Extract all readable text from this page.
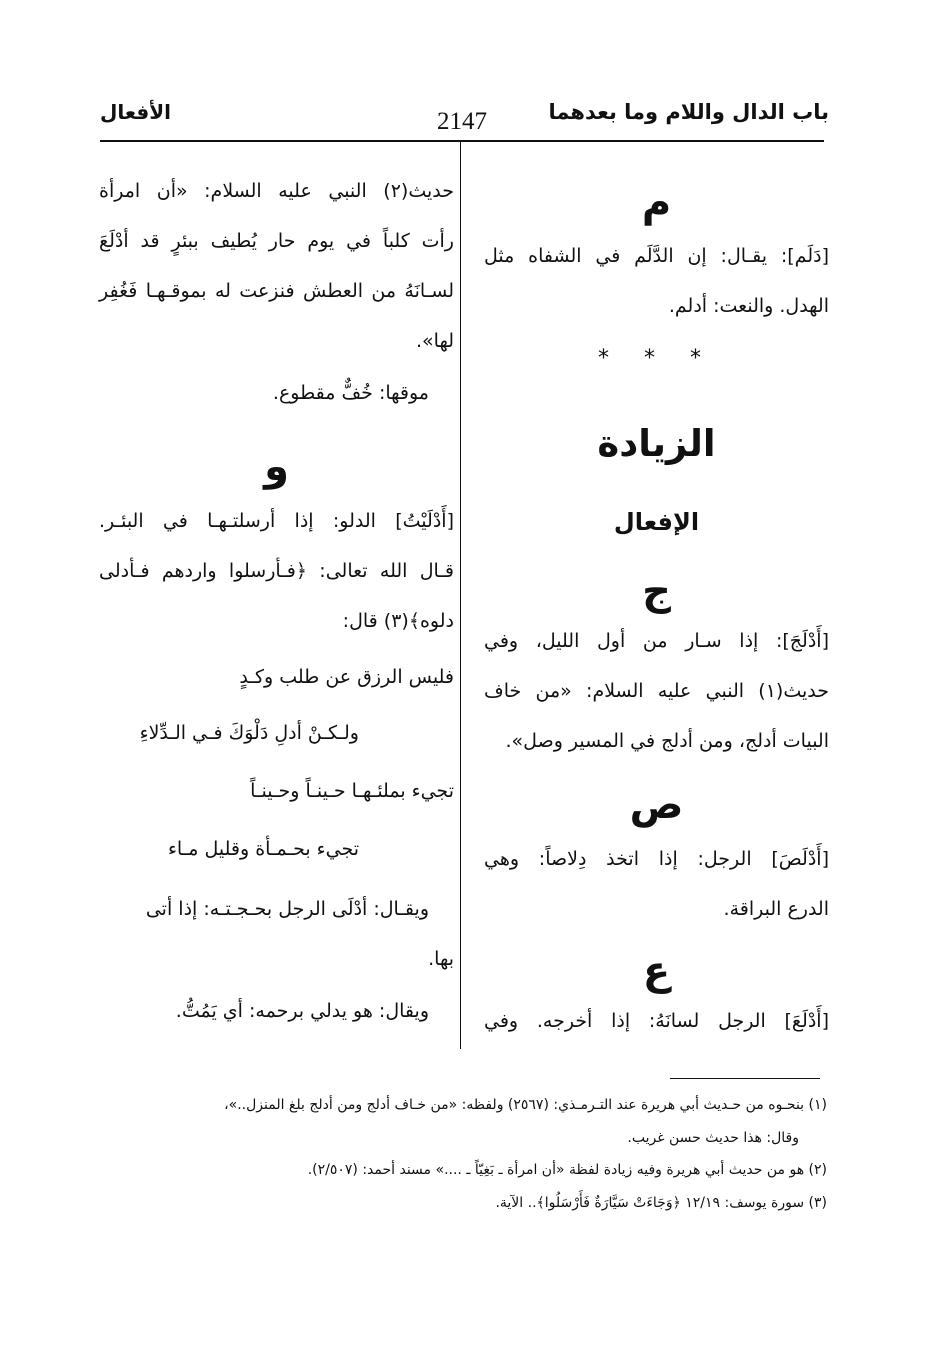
باب الدال واللام وما بعدهما
2147
الأفعال
م
[دَلَم]: يقـال: إن الدَّلَم في الشفاه مثل
الهدل. والنعت: أدلم.
* * *
الزيادة
الإفعال
ج
[أَدْلَجَ]: إذا سـار من أول الليل، وفي
حديث(١) النبي عليه السلام: «من خاف
البيات أدلج، ومن أدلج في المسير وصل».
ص
[أَدْلَصَ] الرجل: إذا اتخذ دِلاصاً: وهي
الدرع البراقة.
ع
[أَدْلَعَ] الرجل لسانَهُ: إذا أخرجه. وفي
حديث(٢) النبي عليه السلام: «أن امرأة
رأت كلباً في يوم حار يُطيف ببئرٍ قد أدْلَعَ
لسـانَهُ من العطش فنزعت له بموقـهـا فَغُفِر
لها».
موقها: خُفٌّ مقطوع.
و
[أَدْلَيْتُ] الدلو: إذا أرسلتـهـا في البئـر.
قـال الله تعالى: ﴿فـأرسلوا واردهم فـأدلى
دلوه﴾(٣) قال:
فليس الرزق عن طلب وكـدٍ
ولـكـنْ أدلِ دَلْوَكَ فـي الـدِّلاءِ
تجيء بملئـهـا حـينـاً وحـينـاً
تجيء بحـمـأة وقليل مـاء
ويقـال: أدْلَى الرجل بحـجـتـه: إذا أتى
بها.
ويقال: هو يدلي برحمه: أي يَمُتُّ.
(١) بنحـوه من حـديث أبي هريرة عند التـرمـذي: (٢٥٦٧) ولفظه: «من خـاف أدلج ومن أدلج بلغ المنزل..»،
وقال: هذا حديث حسن غريب.
(٢) هو من حديث أبي هريرة وفيه زيادة لفظة «أن امرأة ـ بَغِيّاً ـ ....» مسند أحمد: (٢/٥٠٧).
(٣) سورة يوسف: ١٢/١٩ ﴿وَجَاءَتْ سَيَّارَةٌ فَأَرْسَلُوا﴾.. الآية.
